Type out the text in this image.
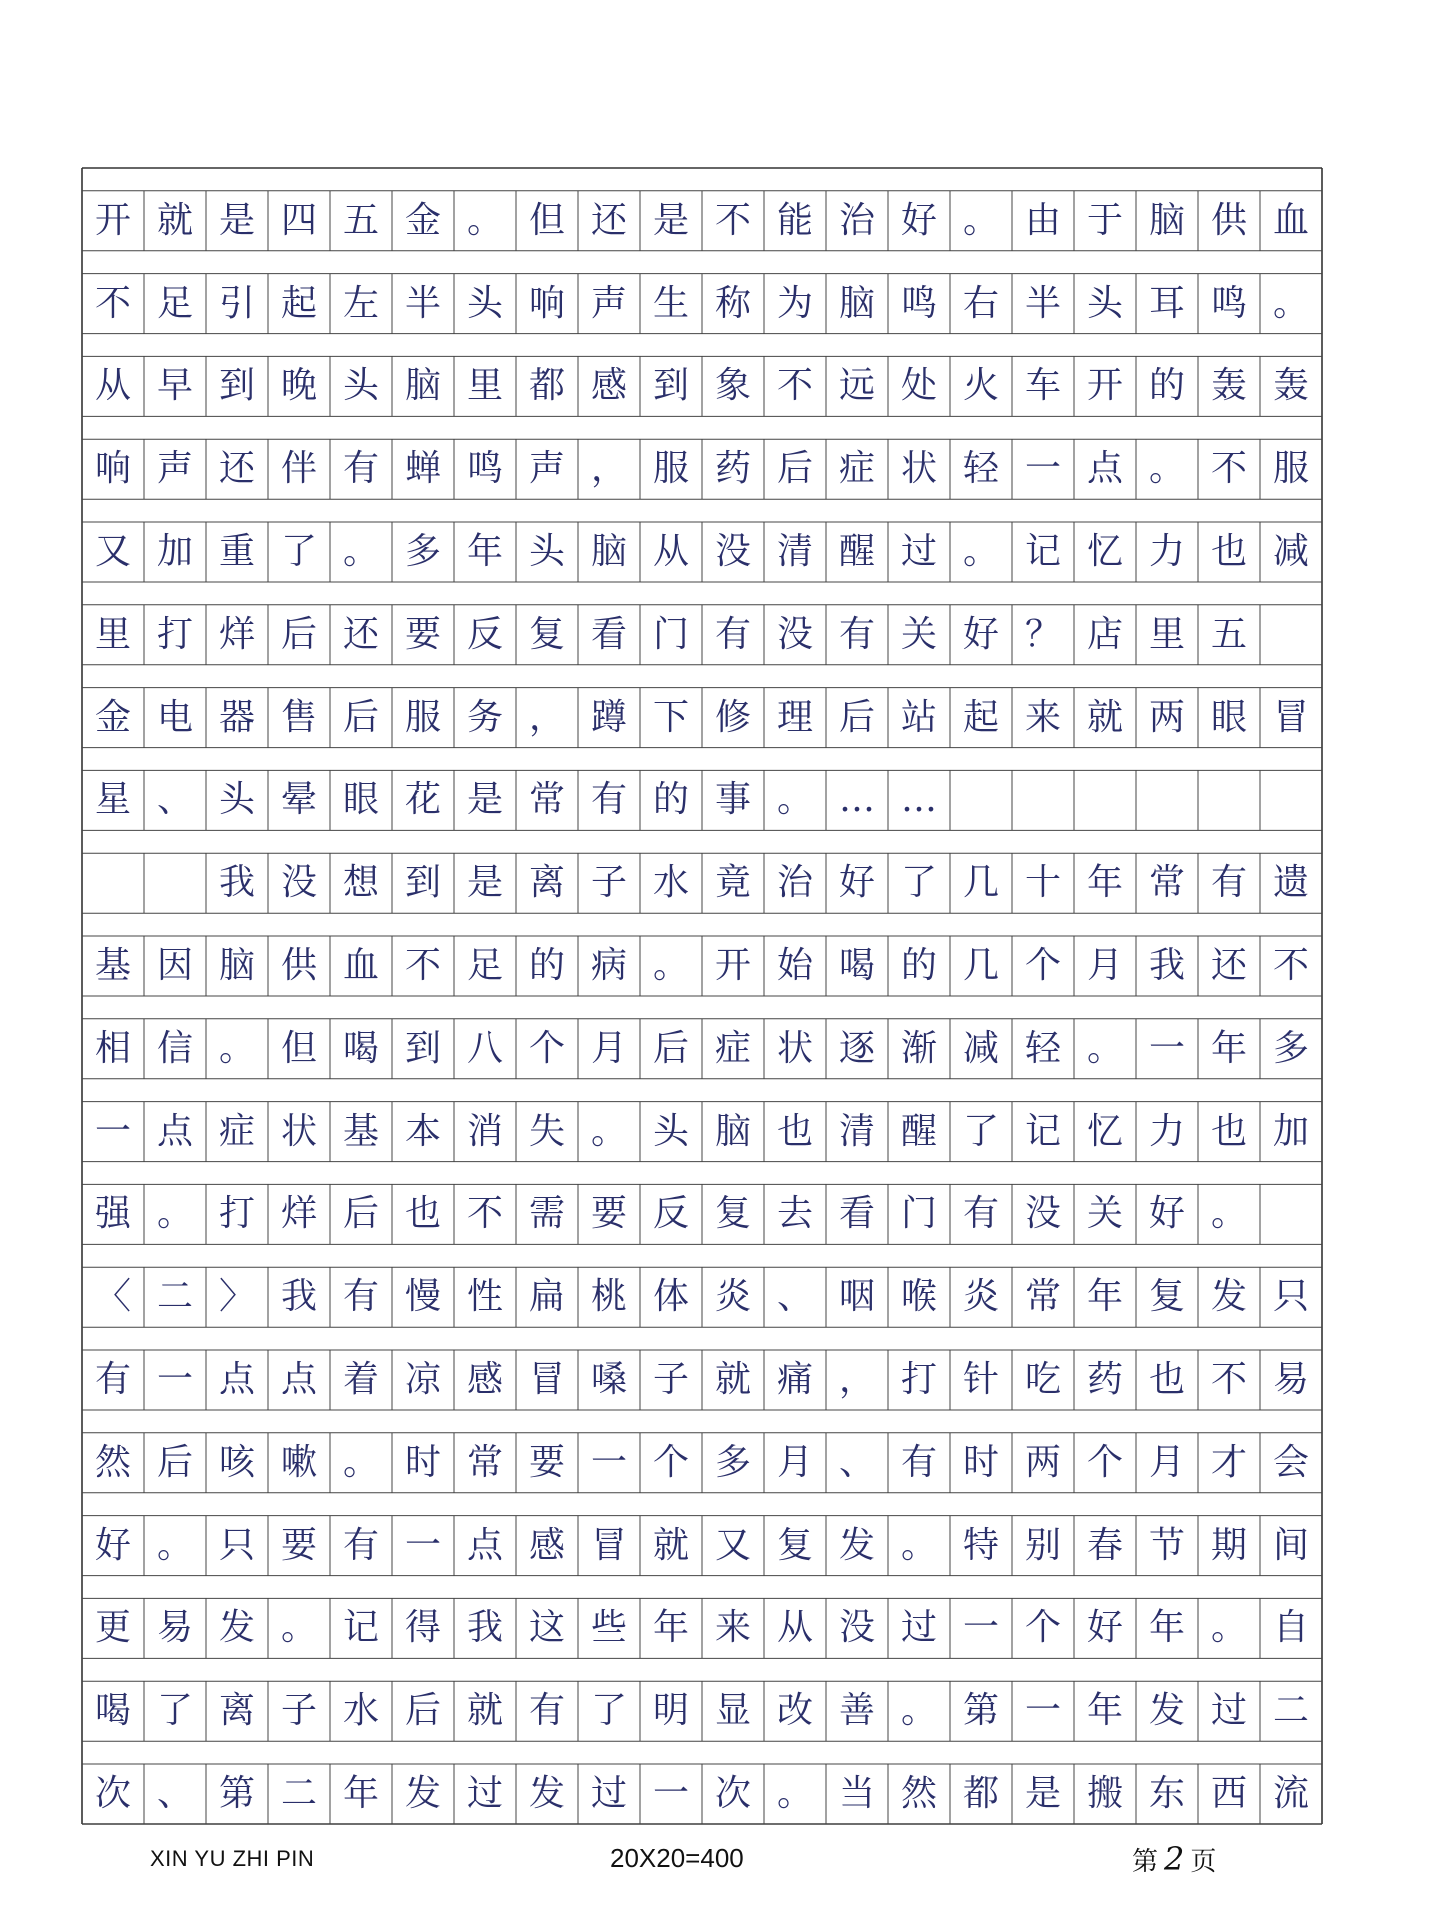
开 就 是 四 五 金 。 但 还 是 不 能 治 好 。 由 于 脑 供 血
不 足 引 起 左 半 头 响 声 生 称 为 脑 鸣 右 半 头 耳 鸣 。
从 早 到 晚 头 脑 里 都 感 到 象 不 远 处 火 车 开 的 轰 轰
响 声 还 伴 有 蝉 鸣 声 ， 服 药 后 症 状 轻 一 点 。 不 服
又 加 重 了 。 多 年 头 脑 从 没 清 醒 过 。 记 忆 力 也 减
里 打 烊 后 还 要 反 复 看 门 有 没 有 关 好 ？ 店 里 五
金 电 器 售 后 服 务 ， 蹲 下 修 理 后 站 起 来 就 两 眼 冒
星 、 头 晕 眼 花 是 常 有 的 事 。 … …
我 没 想 到 是 离 子 水 竟 治 好 了 几 十 年 常 有 遗
基 因 脑 供 血 不 足 的 病 。 开 始 喝 的 几 个 月 我 还 不
相 信 。 但 喝 到 八 个 月 后 症 状 逐 渐 减 轻 。 一 年 多
一 点 症 状 基 本 消 失 。 头 脑 也 清 醒 了 记 忆 力 也 加
强 。 打 烊 后 也 不 需 要 反 复 去 看 门 有 没 关 好 。
〈 二 〉 我 有 慢 性 扁 桃 体 炎 、 咽 喉 炎 常 年 复 发 只
有 一 点 点 着 凉 感 冒 嗓 子 就 痛 ， 打 针 吃 药 也 不 易
然 后 咳 嗽 。 时 常 要 一 个 多 月 、 有 时 两 个 月 才 会
好 。 只 要 有 一 点 感 冒 就 又 复 发 。 特 别 春 节 期 间
更 易 发 。 记 得 我 这 些 年 来 从 没 过 一 个 好 年 。 自
喝 了 离 子 水 后 就 有 了 明 显 改 善 。 第 一 年 发 过 二
次 、 第 二 年 发 过 发 过 一 次 。 当 然 都 是 搬 东 西 流
XIN YU ZHI PIN	20X20=400	第 2 页
